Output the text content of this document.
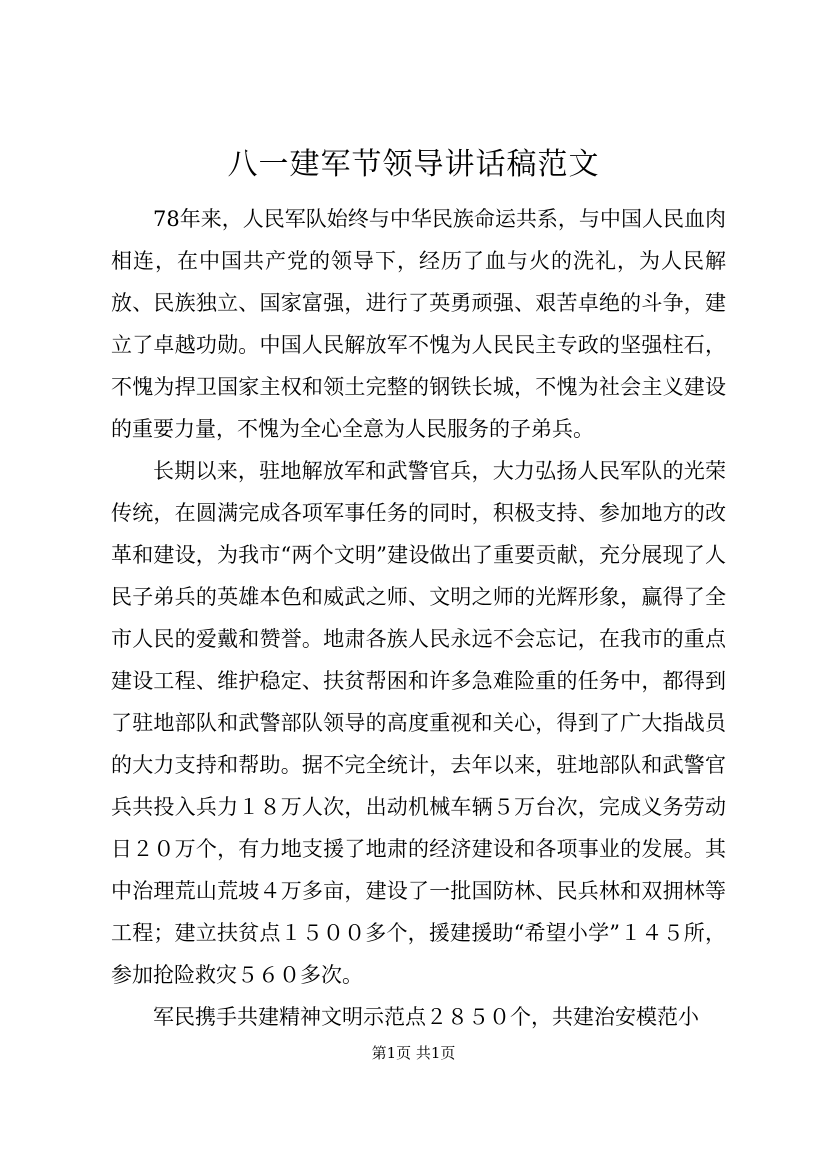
八一建军节领导讲话稿范文

78年来，人民军队始终与中华民族命运共系，与中国人民血肉相连，在中国共产党的领导下，经历了血与火的洗礼，为人民解放、民族独立、国家富强，进行了英勇顽强、艰苦卓绝的斗争，建立了卓越功勋。中国人民解放军不愧为人民民主专政的坚强柱石，不愧为捍卫国家主权和领土完整的钢铁长城，不愧为社会主义建设的重要力量，不愧为全心全意为人民服务的子弟兵。

长期以来，驻地解放军和武警官兵，大力弘扬人民军队的光荣传统，在圆满完成各项军事任务的同时，积极支持、参加地方的改革和建设，为我市“两个文明”建设做出了重要贡献，充分展现了人民子弟兵的英雄本色和威武之师、文明之师的光辉形象，赢得了全市人民的爱戴和赞誉。地肃各族人民永远不会忘记，在我市的重点建设工程、维护稳定、扶贫帮困和许多急难险重的任务中，都得到了驻地部队和武警部队领导的高度重视和关心，得到了广大指战员的大力支持和帮助。据不完全统计，去年以来，驻地部队和武警官兵共投入兵力１８万人次，出动机械车辆５万台次，完成义务劳动日２０万个，有力地支援了地肃的经济建设和各项事业的发展。其中治理荒山荒坡４万多亩，建设了一批国防林、民兵林和双拥林等工程；建立扶贫点１５００多个，援建援助“希望小学”１４５所，参加抢险救灾５６０多次。

军民携手共建精神文明示范点２８５０个，共建治安模范小

第1页 共1页
